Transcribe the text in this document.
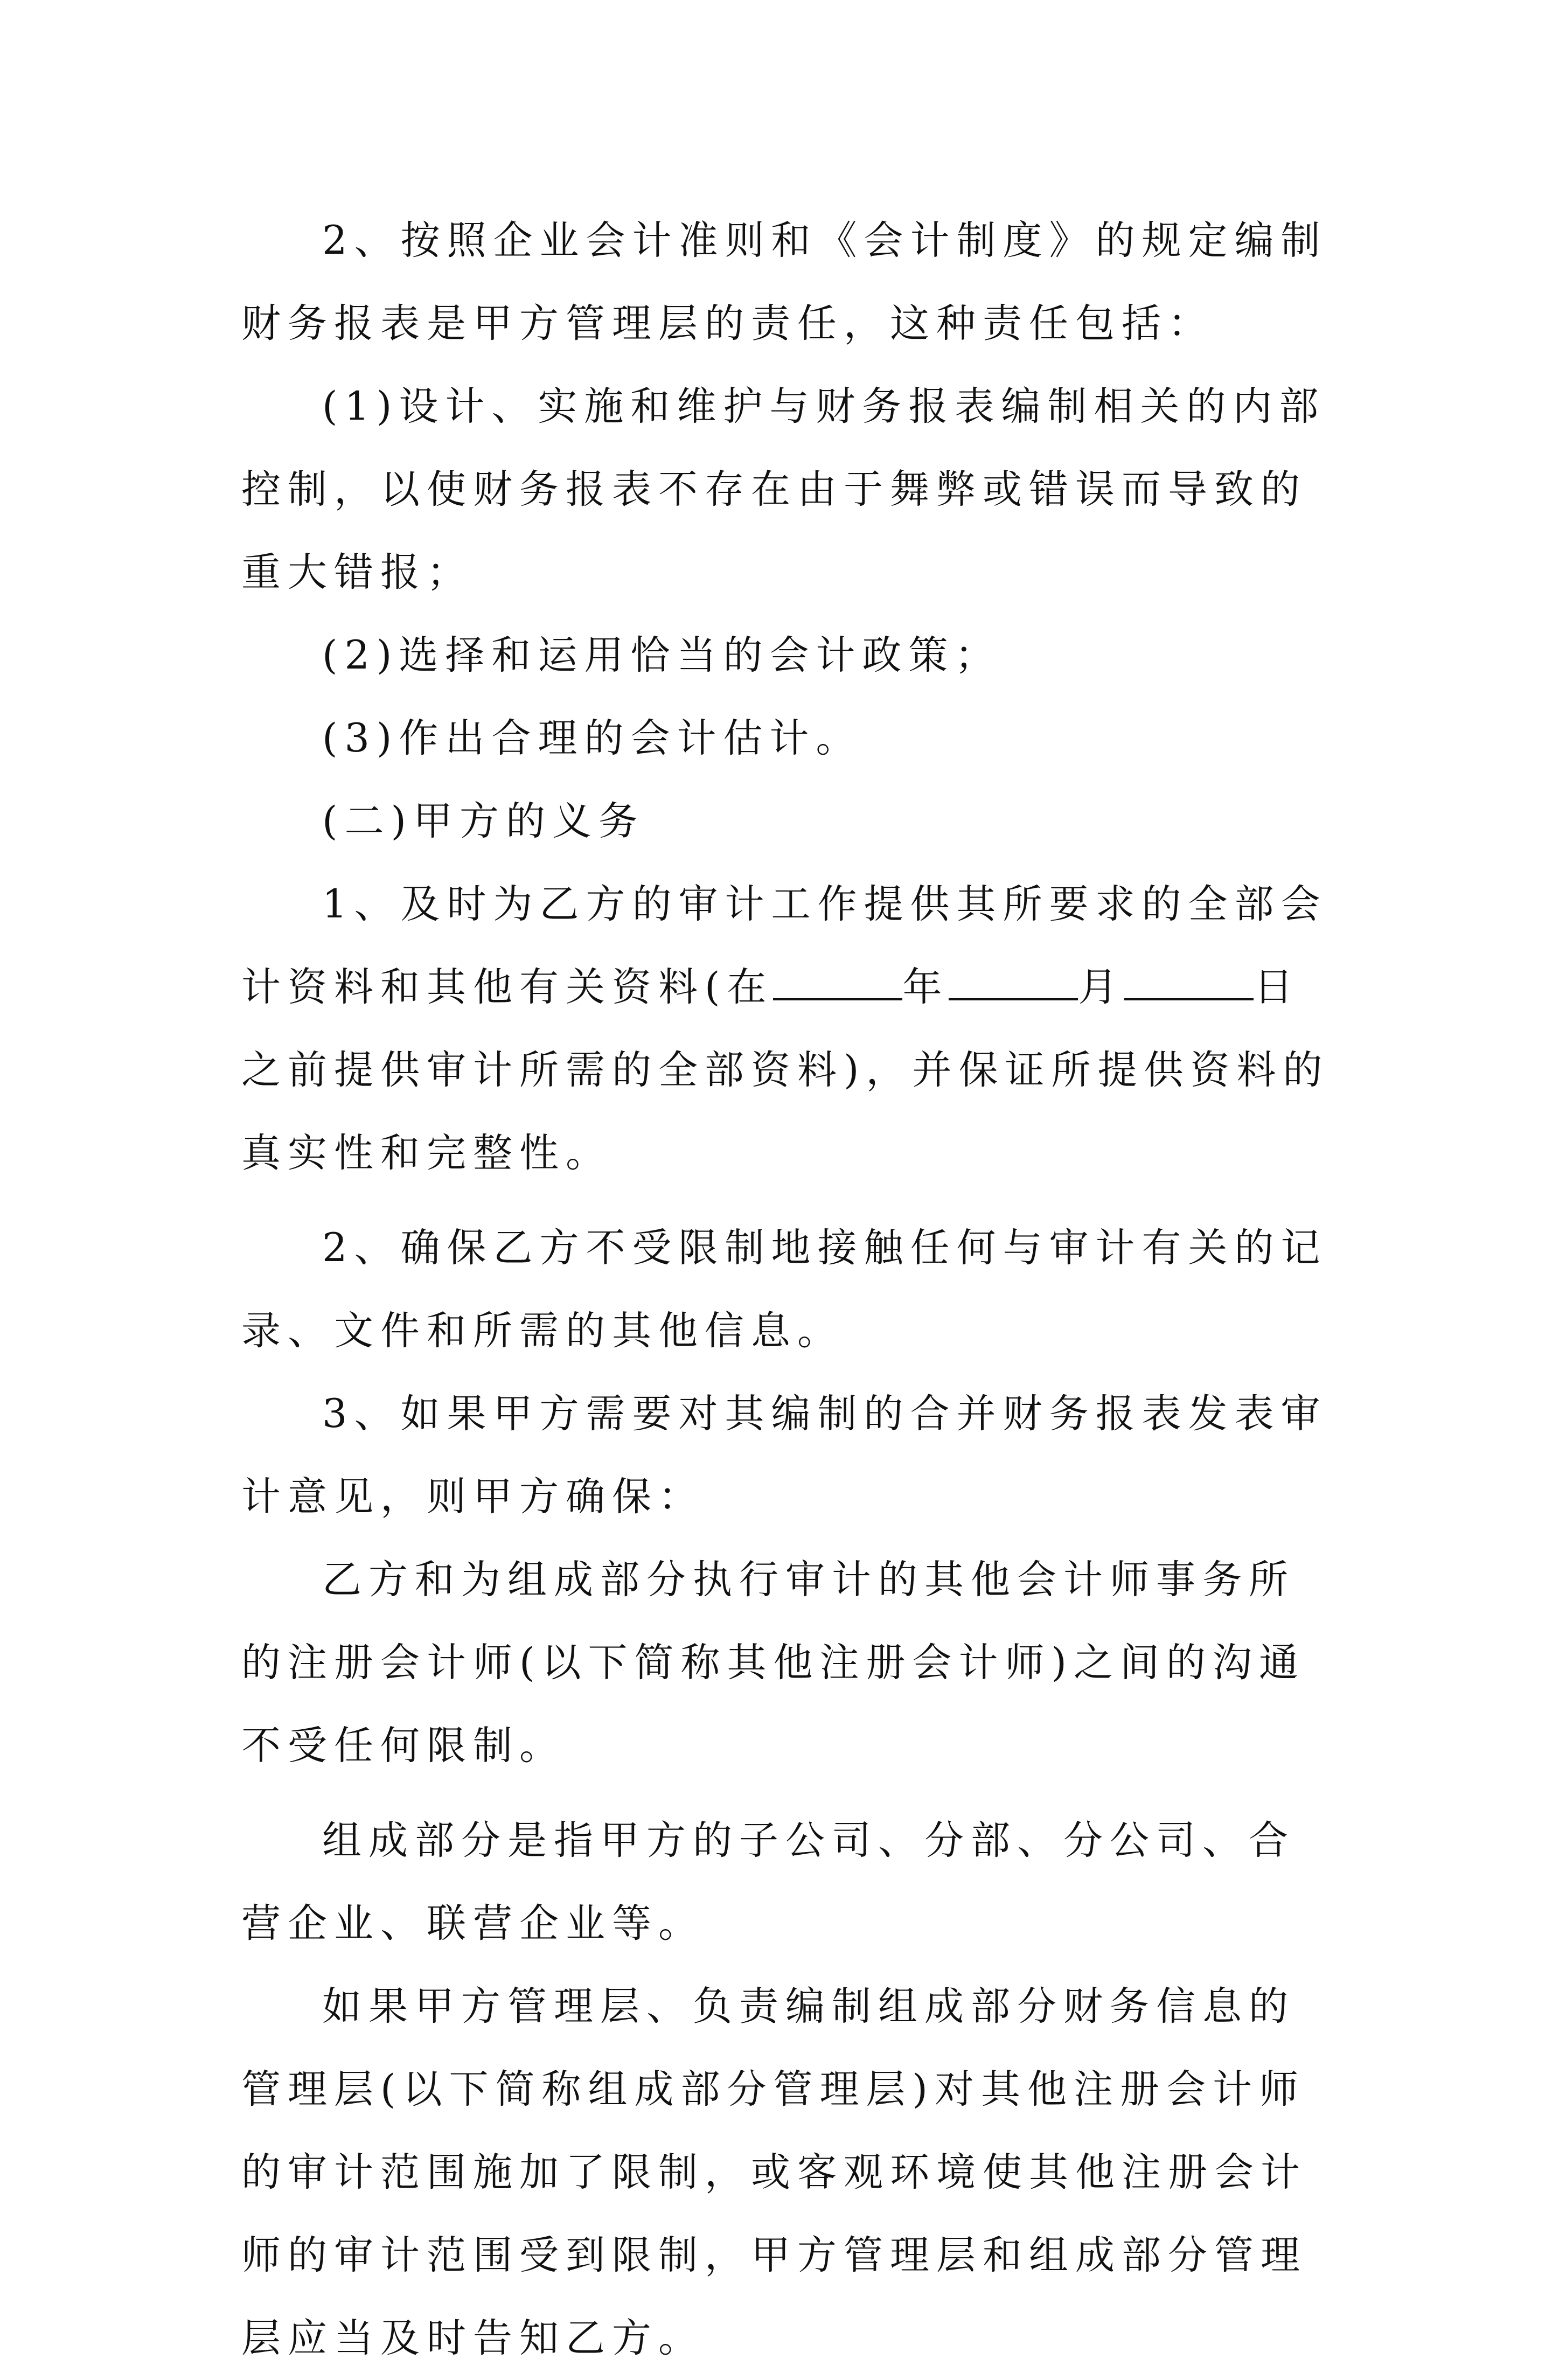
2、按照企业会计准则和《会计制度》的规定编制财务报表是甲方管理层的责任，这种责任包括：

(1)设计、实施和维护与财务报表编制相关的内部控制，以使财务报表不存在由于舞弊或错误而导致的重大错报；

(2)选择和运用恰当的会计政策；

(3)作出合理的会计估计。

(二)甲方的义务

1、及时为乙方的审计工作提供其所要求的全部会计资料和其他有关资料(在	年	月	日之前提供审计所需的全部资料)，并保证所提供资料的真实性和完整性。

2、确保乙方不受限制地接触任何与审计有关的记录、文件和所需的其他信息。

3、如果甲方需要对其编制的合并财务报表发表审计意见，则甲方确保：

乙方和为组成部分执行审计的其他会计师事务所的注册会计师(以下简称其他注册会计师)之间的沟通不受任何限制。

组成部分是指甲方的子公司、分部、分公司、合营企业、联营企业等。

如果甲方管理层、负责编制组成部分财务信息的管理层(以下简称组成部分管理层)对其他注册会计师的审计范围施加了限制，或客观环境使其他注册会计师的审计范围受到限制，甲方管理层和组成部分管理层应当及时告知乙方。
